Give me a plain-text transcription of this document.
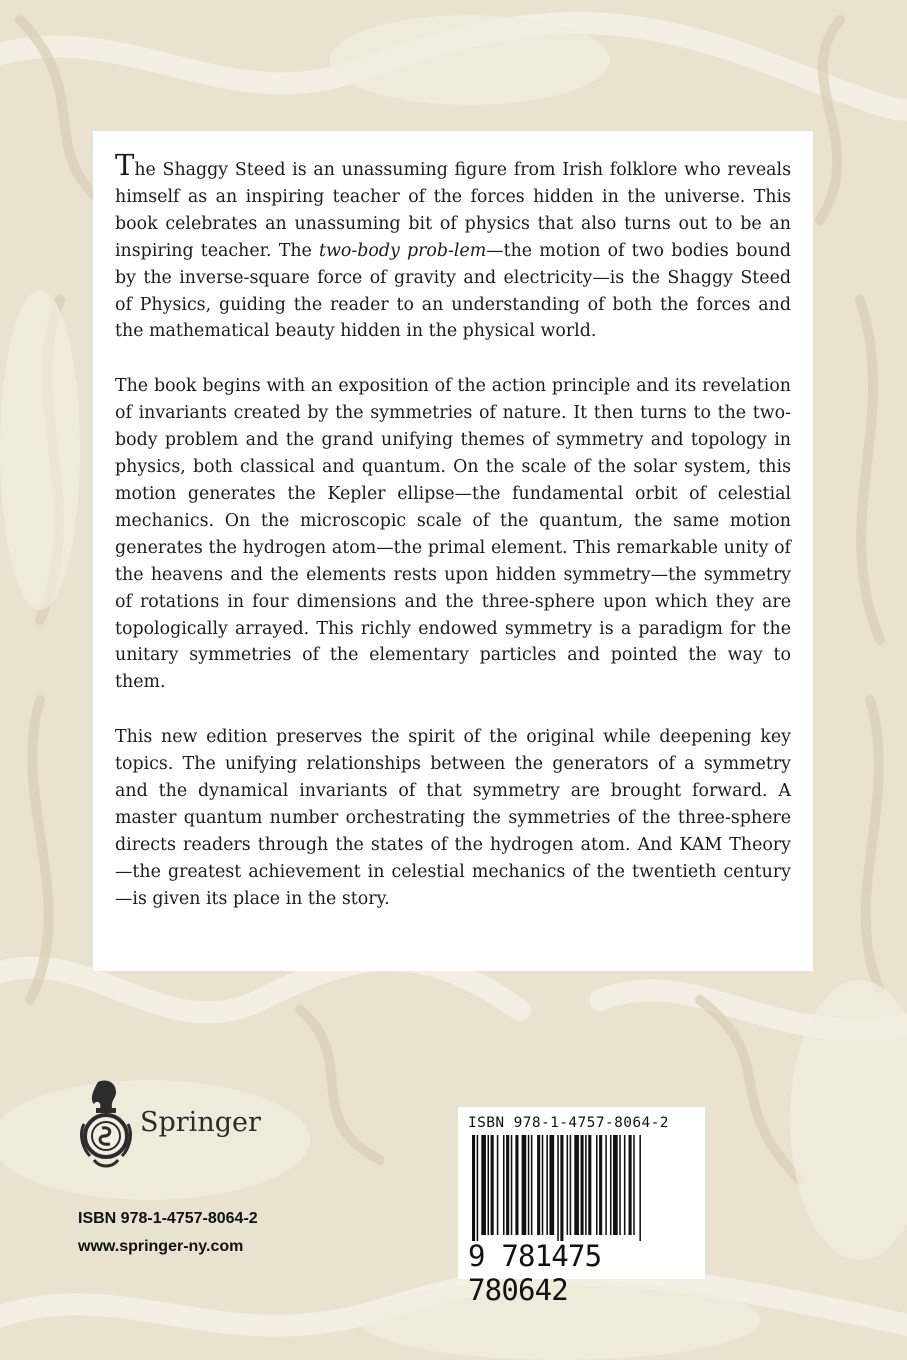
The Shaggy Steed is an unassuming figure from Irish folklore who reveals himself as an inspiring teacher of the forces hidden in the universe. This book celebrates an unassuming bit of physics that also turns out to be an inspiring teacher. The two-body prob-lem—the motion of two bodies bound by the inverse-square force of gravity and electricity—is the Shaggy Steed of Physics, guiding the reader to an understanding of both the forces and the mathematical beauty hidden in the physical world.

The book begins with an exposition of the action principle and its revelation of invariants created by the symmetries of nature. It then turns to the two-body problem and the grand unifying themes of symmetry and topology in physics, both classical and quantum. On the scale of the solar system, this motion generates the Kepler ellipse—the fundamental orbit of celestial mechanics. On the microscopic scale of the quantum, the same motion generates the hydrogen atom—the primal element. This remarkable unity of the heavens and the elements rests upon hidden symmetry—the symmetry of rotations in four dimensions and the three-sphere upon which they are topologically arrayed. This richly endowed symmetry is a paradigm for the unitary symmetries of the elementary particles and pointed the way to them.

This new edition preserves the spirit of the original while deepening key topics. The unifying relationships between the generators of a symmetry and the dynamical invariants of that symmetry are brought forward. A master quantum number orchestrating the symmetries of the three-sphere directs readers through the states of the hydrogen atom. And KAM Theory—the greatest achievement in celestial mechanics of the twentieth century—is given its place in the story.

Springer
ISBN 978-1-4757-8064-2
www.springer-ny.com
ISBN 978-1-4757-8064-2
9 781475 780642
